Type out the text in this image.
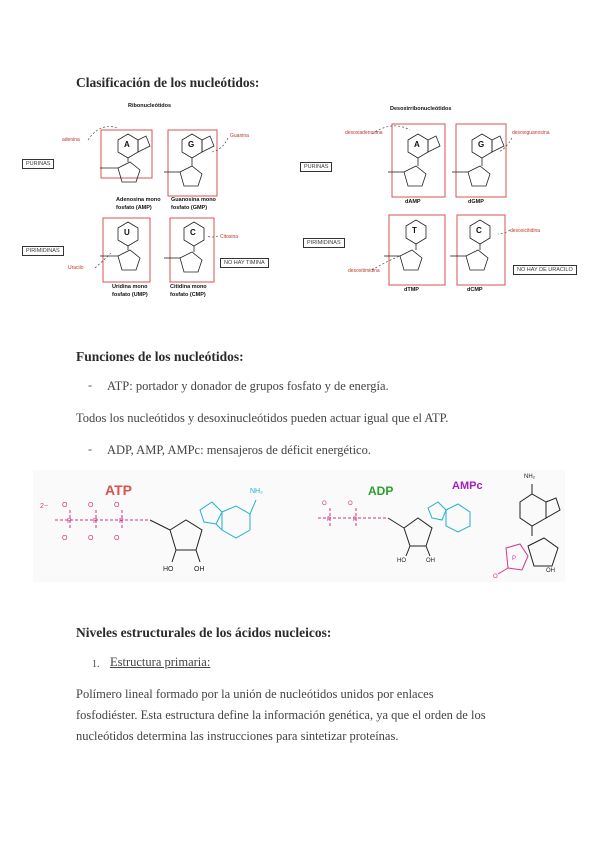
Clasificación de los nucleótidos:
Ribonucleótidos
PURINAS
PIRIMIDINAS
NO HAY TIMINA
adenina
Guanina
Uracilo
Citosina
A	G
U	C
Adenosina mono fosfato (AMP)
Guanosina mono fosfato (GMP)
Uridina mono fosfato (UMP)
Citidina mono fosfato (CMP)
Desoxirribonucleótidos
PURINAS
PIRIMIDINAS
NO HAY DE URACILO
desoxiadenosina	desoxiguanosina
desoxitimidina
desoxicitidina
A	G
T	C
dAMP	dGMP
dTMP	dCMP
Funciones de los nucleótidos:
- ATP: portador y donador de grupos fosfato y de energía.
Todos los nucleótidos y desoxinucleótidos pueden actuar igual que el ATP.
- ADP, AMP, AMPc: mensajeros de déficit energético.
P	P	P
O	O	O
O	O	O
P	P
O	O
P
O
ATP
2−
NH₂
HO	OH
ADP	AMPc
NH₂
HO	OH
OH
Niveles estructurales de los ácidos nucleicos:
1. Estructura primaria:
Polímero lineal formado por la unión de nucleótidos unidos por enlaces
fosfodiéster. Esta estructura define la información genética, ya que el orden de los
nucleótidos determina las instrucciones para sintetizar proteínas.
